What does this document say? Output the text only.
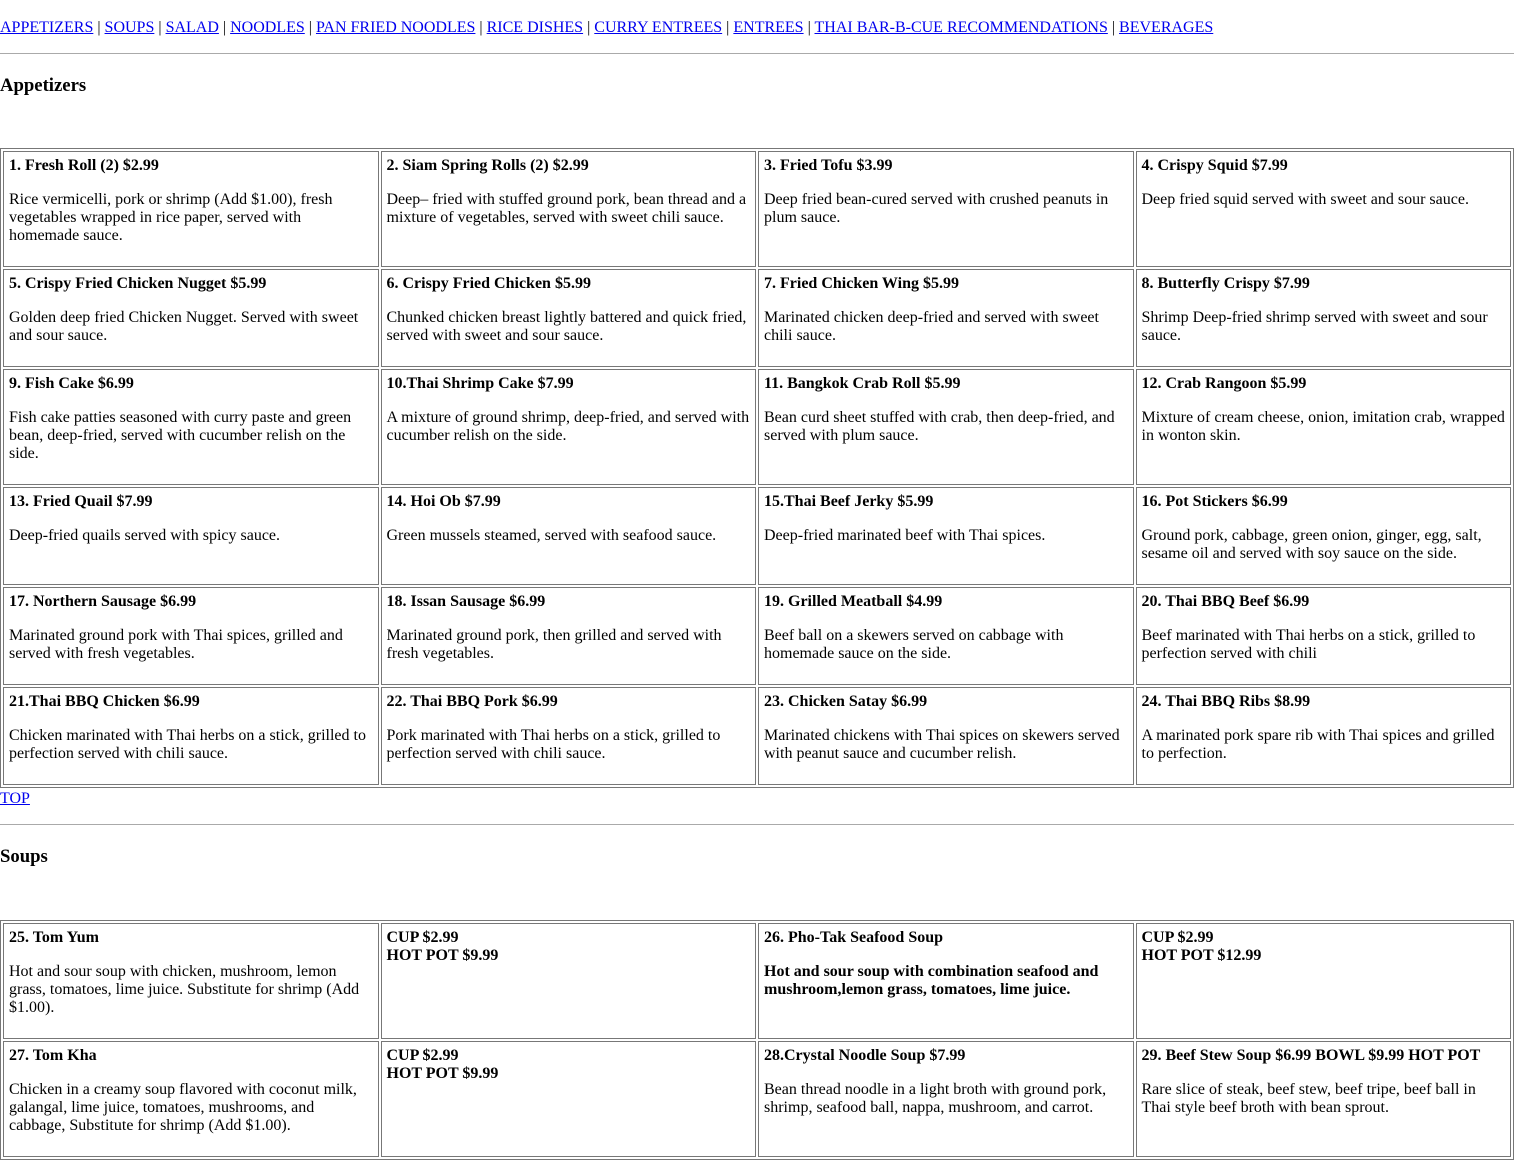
APPETIZERS | SOUPS | SALAD | NOODLES | PAN FRIED NOODLES | RICE DISHES | CURRY ENTREES | ENTREES | THAI BAR-B-CUE RECOMMENDATIONS | BEVERAGES
Appetizers
1. Fresh Roll (2) $2.99
Rice vermicelli, pork or shrimp (Add $1.00), fresh vegetables wrapped in rice paper, served with homemade sauce.	2. Siam Spring Rolls (2) $2.99
Deep– fried with stuffed ground pork, bean thread and a mixture of vegetables, served with sweet chili sauce.	3. Fried Tofu $3.99
Deep fried bean-cured served with crushed peanuts in plum sauce.	4. Crispy Squid $7.99
Deep fried squid served with sweet and sour sauce.

5. Crispy Fried Chicken Nugget $5.99
Golden deep fried Chicken Nugget. Served with sweet and sour sauce.	6. Crispy Fried Chicken $5.99
Chunked chicken breast lightly battered and quick fried, served with sweet and sour sauce.	7. Fried Chicken Wing $5.99
Marinated chicken deep-fried and served with sweet chili sauce.	8. Butterfly Crispy $7.99
Shrimp Deep-fried shrimp served with sweet and sour sauce.

9. Fish Cake $6.99
Fish cake patties seasoned with curry paste and green bean, deep-fried, served with cucumber relish on the side.	10.Thai Shrimp Cake $7.99
A mixture of ground shrimp, deep-fried, and served with cucumber relish on the side.	11. Bangkok Crab Roll $5.99
Bean curd sheet stuffed with crab, then deep-fried, and served with plum sauce.	12. Crab Rangoon $5.99
Mixture of cream cheese, onion, imitation crab, wrapped in wonton skin.

13. Fried Quail $7.99
Deep-fried quails served with spicy sauce.	14. Hoi Ob $7.99
Green mussels steamed, served with seafood sauce.	15.Thai Beef Jerky $5.99
Deep-fried marinated beef with Thai spices.	16. Pot Stickers $6.99
Ground pork, cabbage, green onion, ginger, egg, salt, sesame oil and served with soy sauce on the side.

17. Northern Sausage $6.99
Marinated ground pork with Thai spices, grilled and served with fresh vegetables.	18. Issan Sausage $6.99
Marinated ground pork, then grilled and served with fresh vegetables.	19. Grilled Meatball $4.99
Beef ball on a skewers served on cabbage with homemade sauce on the side.	20. Thai BBQ Beef $6.99
Beef marinated with Thai herbs on a stick, grilled to perfection served with chili

21.Thai BBQ Chicken $6.99
Chicken marinated with Thai herbs on a stick, grilled to perfection served with chili sauce.	22. Thai BBQ Pork $6.99
Pork marinated with Thai herbs on a stick, grilled to perfection served with chili sauce.	23. Chicken Satay $6.99
Marinated chickens with Thai spices on skewers served with peanut sauce and cucumber relish.	24. Thai BBQ Ribs $8.99
A marinated pork spare rib with Thai spices and grilled to perfection.
TOP
Soups
25. Tom Yum
Hot and sour soup with chicken, mushroom, lemon grass, tomatoes, lime juice. Substitute for shrimp (Add $1.00).	CUP $2.99
HOT POT $9.99	26. Pho-Tak Seafood Soup
Hot and sour soup with combination seafood and mushroom,lemon grass, tomatoes, lime juice.	CUP $2.99
HOT POT $12.99
27. Tom Kha
Chicken in a creamy soup flavored with coconut milk, galangal, lime juice, tomatoes, mushrooms, and cabbage, Substitute for shrimp (Add $1.00).	CUP $2.99
HOT POT $9.99	28.Crystal Noodle Soup $7.99
Bean thread noodle in a light broth with ground pork, shrimp, seafood ball, nappa, mushroom, and carrot.	29. Beef Stew Soup $6.99 BOWL $9.99 HOT POT
Rare slice of steak, beef stew, beef tripe, beef ball in Thai style beef broth with bean sprout.
